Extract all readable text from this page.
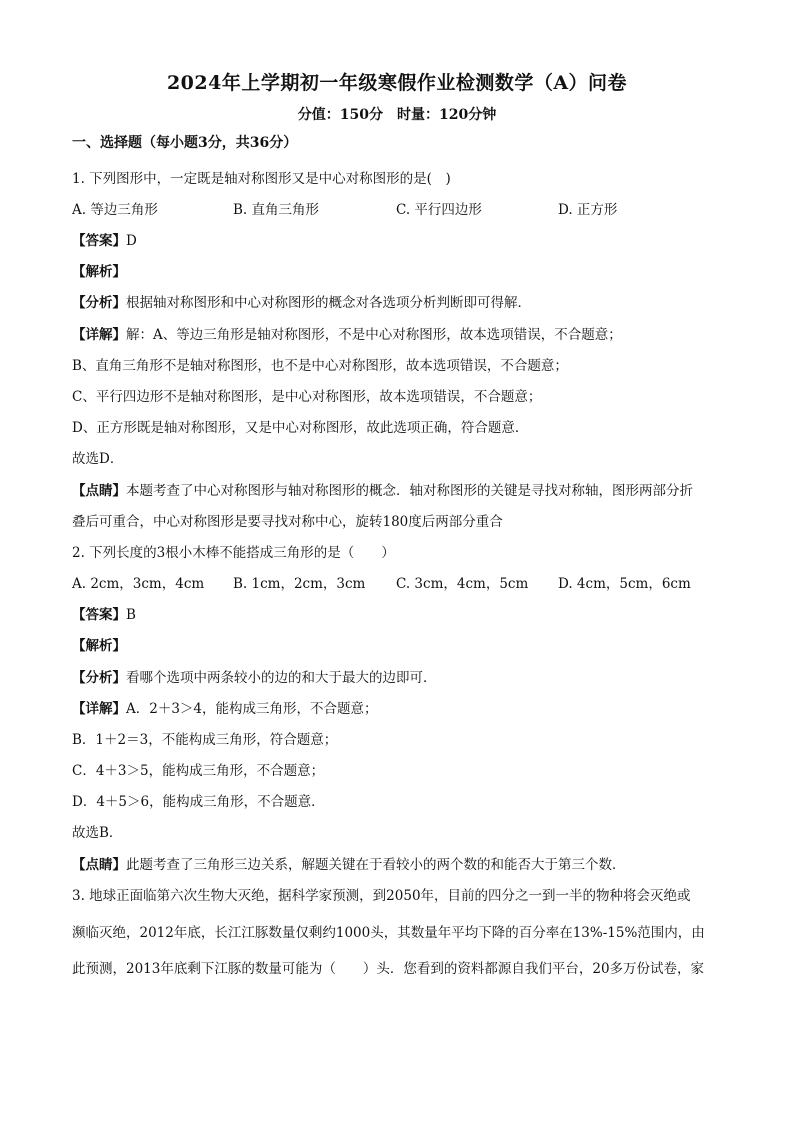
2024年上学期初一年级寒假作业检测数学（A）问卷
分值：150分　时量：120分钟
一、选择题（每小题3分，共36分）
1. 下列图形中，一定既是轴对称图形又是中心对称图形的是(　)
A. 等边三角形	B. 直角三角形	C. 平行四边形	D. 正方形
【答案】D
【解析】
【分析】根据轴对称图形和中心对称图形的概念对各选项分析判断即可得解．
【详解】解：A、等边三角形是轴对称图形，不是中心对称图形，故本选项错误，不合题意；
B、直角三角形不是轴对称图形，也不是中心对称图形，故本选项错误，不合题意；
C、平行四边形不是轴对称图形，是中心对称图形，故本选项错误，不合题意；
D、正方形既是轴对称图形，又是中心对称图形，故此选项正确，符合题意．
故选D．
【点睛】本题考查了中心对称图形与轴对称图形的概念．轴对称图形的关键是寻找对称轴，图形两部分折
叠后可重合，中心对称图形是要寻找对称中心，旋转180度后两部分重合
2. 下列长度的3根小木棒不能搭成三角形的是（　　）
A. 2cm，3cm，4cm B. 1cm，2cm，3cm C. 3cm，4cm，5cm D. 4cm，5cm，6cm
【答案】B
【解析】
【分析】看哪个选项中两条较小的边的和大于最大的边即可．
【详解】A．2＋3＞4，能构成三角形，不合题意；
B．1＋2＝3，不能构成三角形，符合题意；
C．4＋3＞5，能构成三角形，不合题意；
D．4＋5＞6，能构成三角形，不合题意．
故选B．
【点睛】此题考查了三角形三边关系，解题关键在于看较小的两个数的和能否大于第三个数．
3. 地球正面临第六次生物大灭绝，据科学家预测，到2050年，目前的四分之一到一半的物种将会灭绝或
濒临灭绝，2012年底，长江江豚数量仅剩约1000头，其数量年平均下降的百分率在13%-15%范围内，由
此预测，2013年底剩下江豚的数量可能为（　　）头．您看到的资料都源自我们平台，20多万份试卷，家
